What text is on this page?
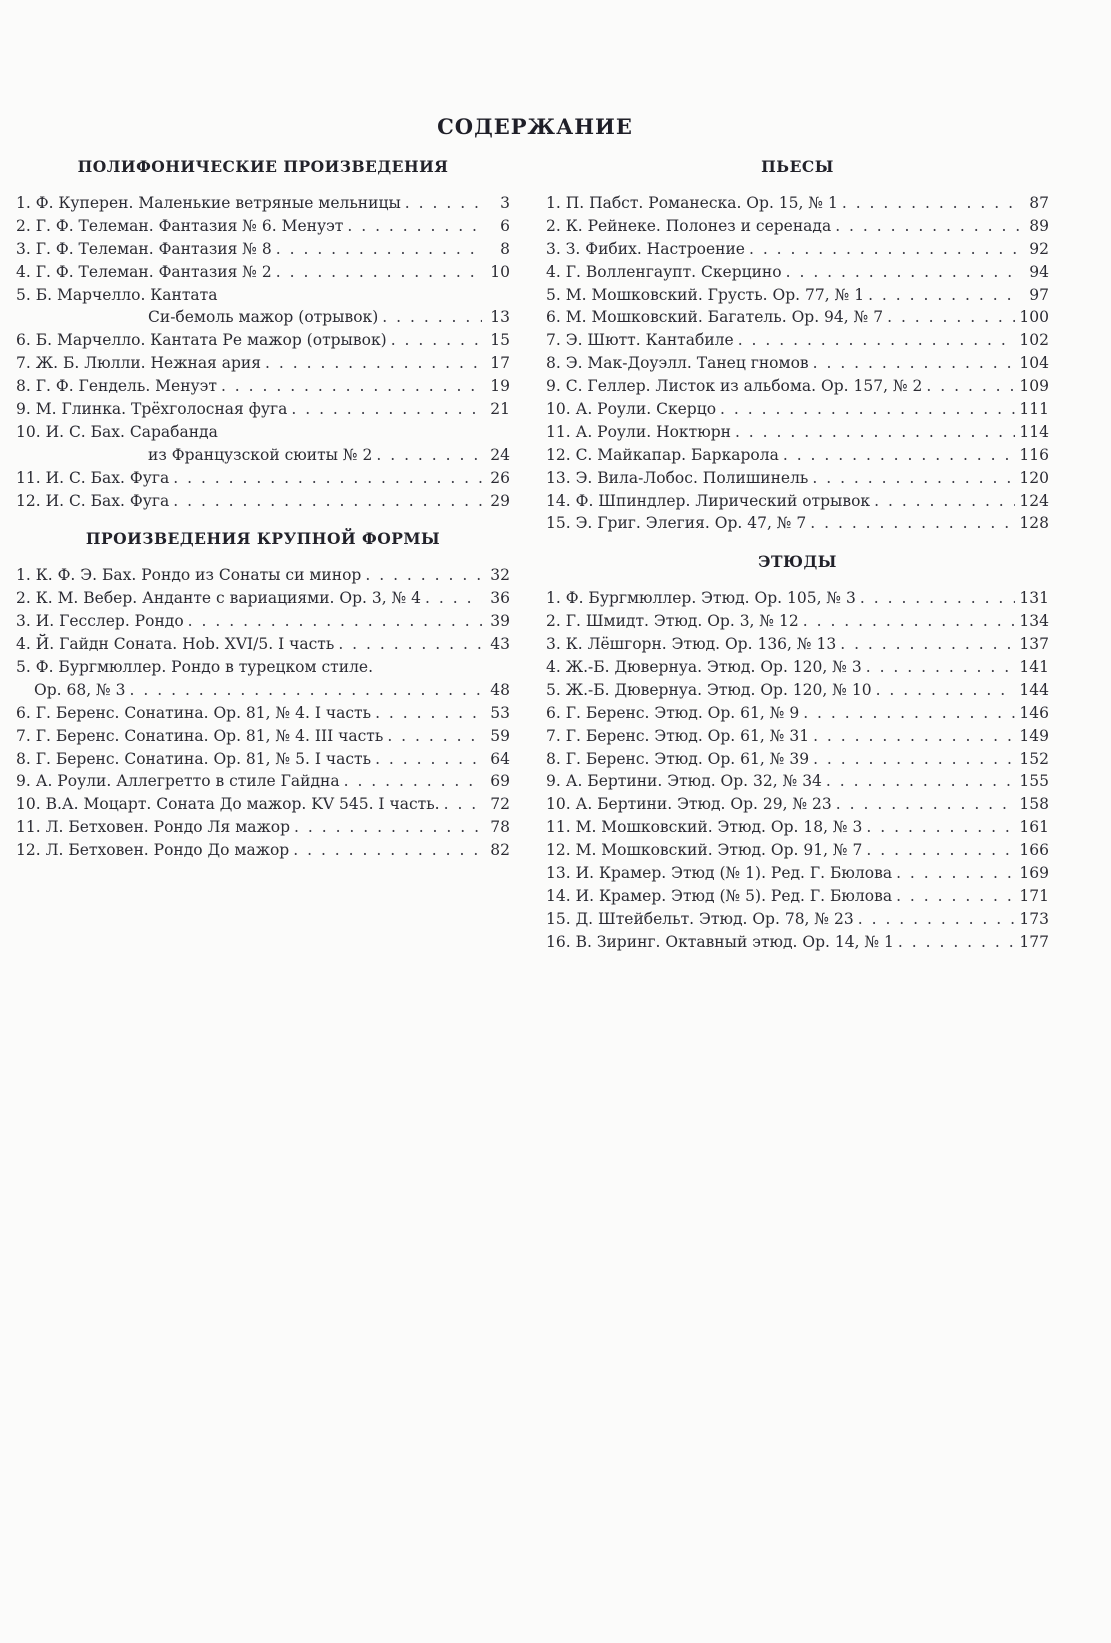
СОДЕРЖАНИЕ
ПОЛИФОНИЧЕСКИЕ ПРОИЗВЕДЕНИЯ
1. Ф. Куперен. Маленькие ветряные мельницы . . .	3
2. Г. Ф. Телеман. Фантазия № 6. Менуэт . . .	6
3. Г. Ф. Телеман. Фантазия № 8 . . .	8
4. Г. Ф. Телеман. Фантазия № 2 . . .	10
5. Б. Марчелло. Кантата
Си-бемоль мажор (отрывок) . . .	13
6. Б. Марчелло. Кантата Ре мажор (отрывок) . . .	15
7. Ж. Б. Люлли. Нежная ария . . .	17
8. Г. Ф. Гендель. Менуэт . . .	19
9. М. Глинка. Трёхголосная фуга . . .	21
10. И. С. Бах. Сарабанда
из Французской сюиты № 2 . . .	24
11. И. С. Бах. Фуга . . .	26
12. И. С. Бах. Фуга . . .	29
ПРОИЗВЕДЕНИЯ КРУПНОЙ ФОРМЫ
1. К. Ф. Э. Бах. Рондо из Сонаты си минор . . .	32
2. К. М. Вебер. Анданте с вариациями. Ор. 3, № 4 . . .	36
3. И. Гесслер. Рондо . . .	39
4. Й. Гайдн Соната. Hob. XVI/5. I часть . . .	43
5. Ф. Бургмюллер. Рондо в турецком стиле.
Ор. 68, № 3 . . .	48
6. Г. Беренс. Сонатина. Ор. 81, № 4. I часть . . .	53
7. Г. Беренс. Сонатина. Ор. 81, № 4. III часть . . .	59
8. Г. Беренс. Сонатина. Ор. 81, № 5. I часть . . .	64
9. А. Роули. Аллегретто в стиле Гайдна . . .	69
10. В.А. Моцарт. Соната До мажор. KV 545. I часть. . . .	72
11. Л. Бетховен. Рондо Ля мажор . . .	78
12. Л. Бетховен. Рондо До мажор . . .	82
ПЬЕСЫ
1. П. Пабст. Романеска. Ор. 15, № 1 . . .	87
2. К. Рейнеке. Полонез и серенада . . .	89
3. З. Фибих. Настроение . . .	92
4. Г. Волленгаупт. Скерцино . . .	94
5. М. Мошковский. Грусть. Ор. 77, № 1 . . .	97
6. М. Мошковский. Багатель. Ор. 94, № 7 . . .	100
7. Э. Шютт. Кантабиле . . .	102
8. Э. Мак-Доуэлл. Танец гномов . . .	104
9. С. Геллер. Листок из альбома. Ор. 157, № 2 . . .	109
10. А. Роули. Скерцо . . .	111
11. А. Роули. Ноктюрн . . .	114
12. С. Майкапар. Баркарола . . .	116
13. Э. Вила-Лобос. Полишинель . . .	120
14. Ф. Шпиндлер. Лирический отрывок . . .	124
15. Э. Григ. Элегия. Ор. 47, № 7 . . .	128
ЭТЮДЫ
1. Ф. Бургмюллер. Этюд. Ор. 105, № 3 . . .	131
2. Г. Шмидт. Этюд. Ор. 3, № 12 . . .	134
3. К. Лёшгорн. Этюд. Ор. 136, № 13 . . .	137
4. Ж.-Б. Дювернуа. Этюд. Ор. 120, № 3 . . .	141
5. Ж.-Б. Дювернуа. Этюд. Ор. 120, № 10 . . .	144
6. Г. Беренс. Этюд. Ор. 61, № 9 . . .	146
7. Г. Беренс. Этюд. Ор. 61, № 31 . . .	149
8. Г. Беренс. Этюд. Ор. 61, № 39 . . .	152
9. А. Бертини. Этюд. Ор. 32, № 34 . . .	155
10. А. Бертини. Этюд. Ор. 29, № 23 . . .	158
11. М. Мошковский. Этюд. Ор. 18, № 3 . . .	161
12. М. Мошковский. Этюд. Ор. 91, № 7 . . .	166
13. И. Крамер. Этюд (№ 1). Ред. Г. Бюлова . . .	169
14. И. Крамер. Этюд (№ 5). Ред. Г. Бюлова . . .	171
15. Д. Штейбельт. Этюд. Ор. 78, № 23 . . .	173
16. В. Зиринг. Октавный этюд. Ор. 14, № 1 . . .	177
